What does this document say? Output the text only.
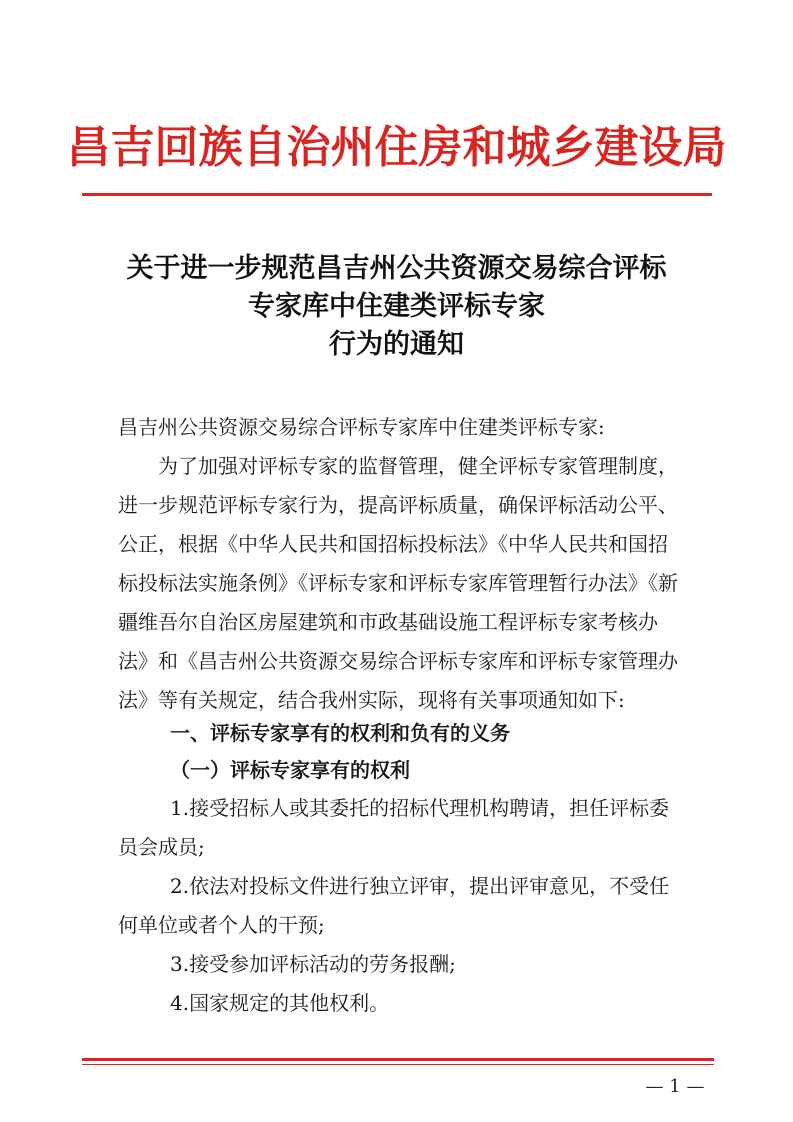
昌吉回族自治州住房和城乡建设局
关于进一步规范昌吉州公共资源交易综合评标
专家库中住建类评标专家
行为的通知
昌吉州公共资源交易综合评标专家库中住建类评标专家:
为了加强对评标专家的监督管理，健全评标专家管理制度，
进一步规范评标专家行为，提高评标质量，确保评标活动公平、
公正，根据《中华人民共和国招标投标法》《中华人民共和国招
标投标法实施条例》《评标专家和评标专家库管理暂行办法》《新
疆维吾尔自治区房屋建筑和市政基础设施工程评标专家考核办
法》和《昌吉州公共资源交易综合评标专家库和评标专家管理办
法》等有关规定，结合我州实际，现将有关事项通知如下:
一、评标专家享有的权利和负有的义务
（一）评标专家享有的权利
1.接受招标人或其委托的招标代理机构聘请，担任评标委
员会成员;
2.依法对投标文件进行独立评审，提出评审意见，不受任
何单位或者个人的干预;
3.接受参加评标活动的劳务报酬;
4.国家规定的其他权利。
— 1 —
